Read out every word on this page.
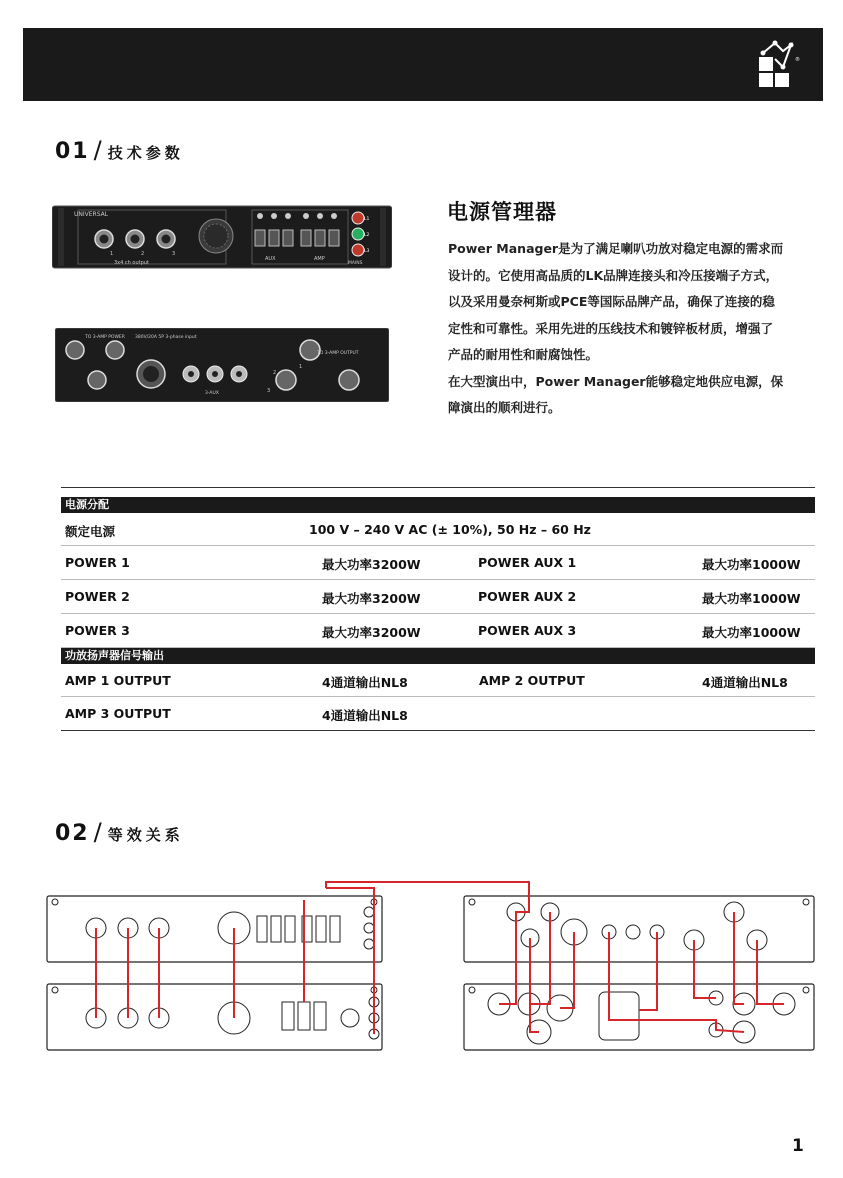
®
01 / 技术参数
UNIVERSAL
1	2	3
3x4 ch output
AUX	AMP
L1
L2
L3
MAINS
TO 3-AMP POWER 380V/20A 5P 3-phase input
3-AUX
TO 3-AMP OUTPUT
1
2
3
电源管理器

Power Manager是为了满足喇叭功放对稳定电源的需求而

设计的。它使用高品质的LK品牌连接头和冷压接端子方式，

以及采用曼奈柯斯或PCE等国际品牌产品，确保了连接的稳

定性和可靠性。采用先进的压线技术和镀锌板材质，增强了

产品的耐用性和耐腐蚀性。

在大型演出中，Power Manager能够稳定地供应电源，保

障演出的顺利进行。

电源分配
额定电源	100 V – 240 V AC (± 10%), 50 Hz – 60 Hz
POWER 1	最大功率3200W	POWER AUX 1	最大功率1000W
POWER 2	最大功率3200W	POWER AUX 2	最大功率1000W
POWER 3	最大功率3200W	POWER AUX 3	最大功率1000W
功放扬声器信号输出
AMP 1 OUTPUT	4通道输出NL8	AMP 2 OUTPUT	4通道输出NL8
AMP 3 OUTPUT	4通道输出NL8
02 / 等效关系
1
